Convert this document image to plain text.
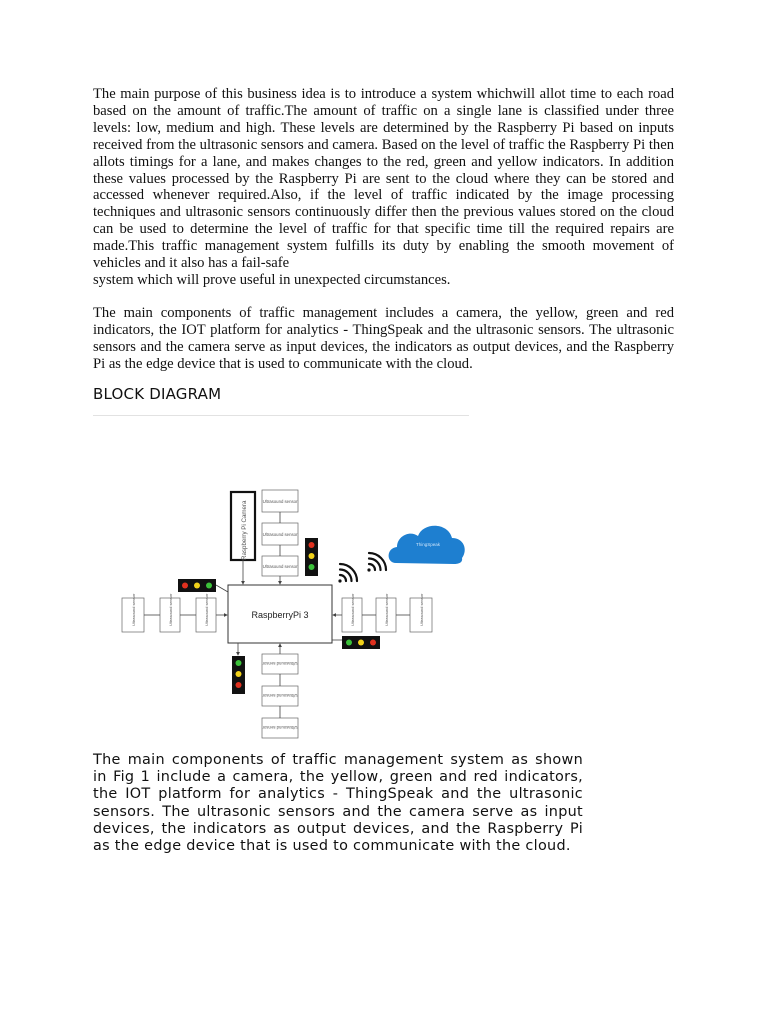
The main purpose of this business idea is to introduce a system whichwill allot time to each road based on the amount of traffic.The amount of traffic on a single lane is classified under three levels: low, medium and high. These levels are determined by the Raspberry Pi based on inputs received from the ultrasonic sensors and camera. Based on the level of traffic the Raspberry Pi then allots timings for a lane, and makes changes to the red, green and yellow indicators. In addition these values processed by the Raspberry Pi are sent to the cloud where they can be stored and accessed whenever required.Also, if the level of traffic indicated by the image processing techniques and ultrasonic sensors continuously differ then the previous values stored on the cloud can be used to determine the level of traffic for that specific time till the required repairs are made.This traffic management system fulfills its duty by enabling the smooth movement of vehicles and it also has a fail-safe
system which will prove useful in unexpected circumstances.
The main components of traffic management includes a camera, the yellow, green and red indicators, the IOT platform for analytics - ThingSpeak and the ultrasonic sensors. The ultrasonic sensors and the camera serve as input devices, the indicators as output devices, and the Raspberry Pi as the edge device that is used to communicate with the cloud.
BLOCK DIAGRAM
Raspberry Pi Camera	Ultrasound sensor
Ultrasound sensor
Ultrasound sensor
RaspberryPi 3
Ultrasound sensor	Ultrasound sensor	Ultrasound sensor	Ultrasound sensor	Ultrasound sensor	Ultrasound sensor
Ultrasound sensor
Ultrasound sensor
Ultrasound sensor
ThingSpeak
The main components of traffic management system as shown in Fig 1 include a camera, the yellow, green and red indicators, the IOT platform for analytics - ThingSpeak and the ultrasonic sensors. The ultrasonic sensors and the camera serve as input devices, the indicators as output devices, and the Raspberry Pi as the edge device that is used to communicate with the cloud.
